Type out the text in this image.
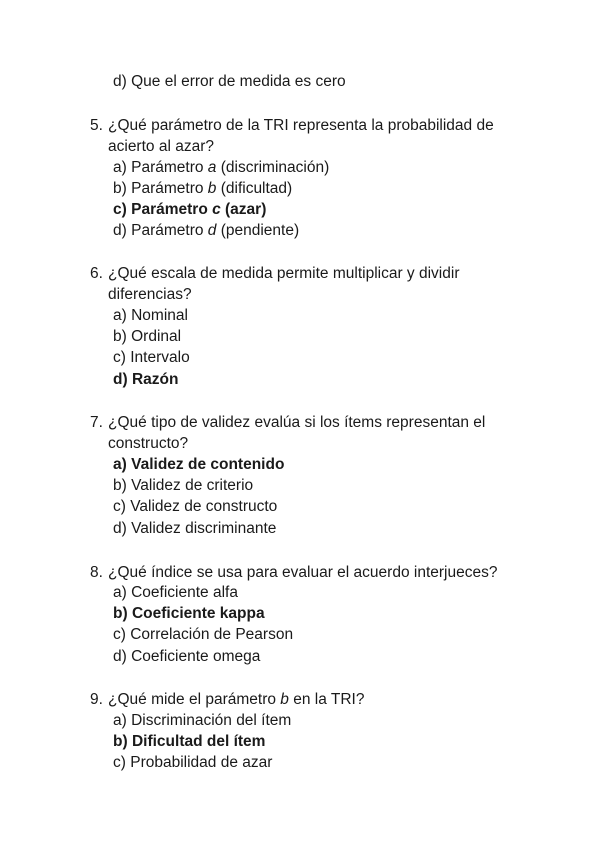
d) Que el error de medida es cero
5. ¿Qué parámetro de la TRI representa la probabilidad de
acierto al azar?
a) Parámetro a (discriminación)
b) Parámetro b (dificultad)
c) Parámetro c (azar)
d) Parámetro d (pendiente)
6. ¿Qué escala de medida permite multiplicar y dividir
diferencias?
a) Nominal
b) Ordinal
c) Intervalo
d) Razón
7. ¿Qué tipo de validez evalúa si los ítems representan el
constructo?
a) Validez de contenido
b) Validez de criterio
c) Validez de constructo
d) Validez discriminante
8. ¿Qué índice se usa para evaluar el acuerdo interjueces?
a) Coeficiente alfa
b) Coeficiente kappa
c) Correlación de Pearson
d) Coeficiente omega
9. ¿Qué mide el parámetro b en la TRI?
a) Discriminación del ítem
b) Dificultad del ítem
c) Probabilidad de azar
